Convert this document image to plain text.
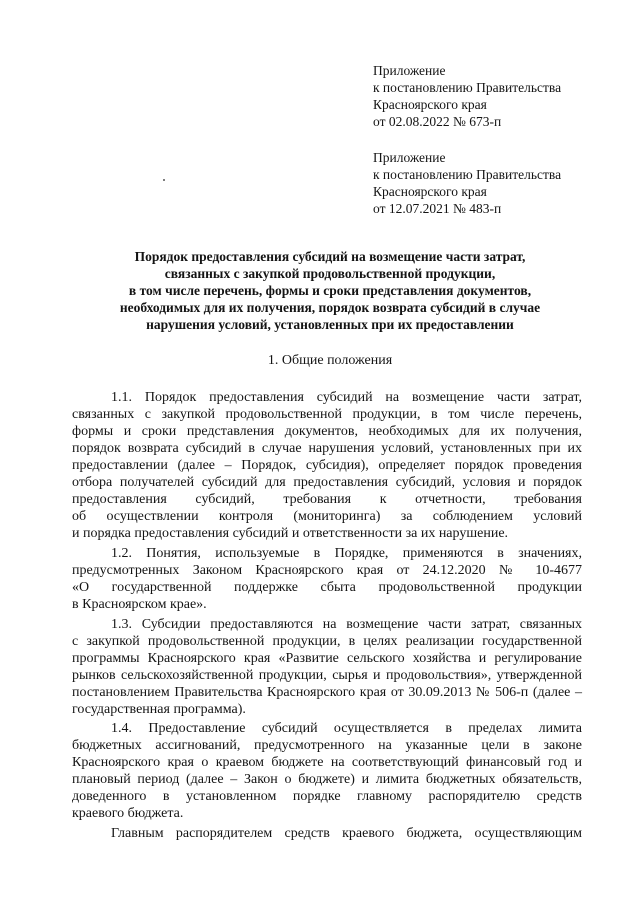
Приложение
к постановлению Правительства
Красноярского края
от 02.08.2022 № 673-п
Приложение
к постановлению Правительства
Красноярского края
от 12.07.2021 № 483-п
Порядок предоставления субсидий на возмещение части затрат,
связанных с закупкой продовольственной продукции,
в том числе перечень, формы и сроки представления документов,
необходимых для их получения, порядок возврата субсидий в случае
нарушения условий, установленных при их предоставлении
1. Общие положения
1.1. Порядок предоставления субсидий на возмещение части затрат,
связанных с закупкой продовольственной продукции, в том числе перечень,
формы и сроки представления документов, необходимых для их получения,
порядок возврата субсидий в случае нарушения условий, установленных при их
предоставлении (далее – Порядок, субсидия), определяет порядок проведения
отбора получателей субсидий для предоставления субсидий, условия и порядок
предоставления субсидий, требования к отчетности, требования
об осуществлении контроля (мониторинга) за соблюдением условий
и порядка предоставления субсидий и ответственности за их нарушение.
1.2. Понятия, используемые в Порядке, применяются в значениях,
предусмотренных Законом Красноярского края от 24.12.2020 № 10-4677
«О государственной поддержке сбыта продовольственной продукции
в Красноярском крае».
1.3. Субсидии предоставляются на возмещение части затрат, связанных
с закупкой продовольственной продукции, в целях реализации государственной
программы Красноярского края «Развитие сельского хозяйства и регулирование
рынков сельскохозяйственной продукции, сырья и продовольствия», утвержденной
постановлением Правительства Красноярского края от 30.09.2013 № 506-п (далее –
государственная программа).
1.4. Предоставление субсидий осуществляется в пределах лимита
бюджетных ассигнований, предусмотренного на указанные цели в законе
Красноярского края о краевом бюджете на соответствующий финансовый год и
плановый период (далее – Закон о бюджете) и лимита бюджетных обязательств,
доведенного в установленном порядке главному распорядителю средств
краевого бюджета.
Главным распорядителем средств краевого бюджета, осуществляющим
